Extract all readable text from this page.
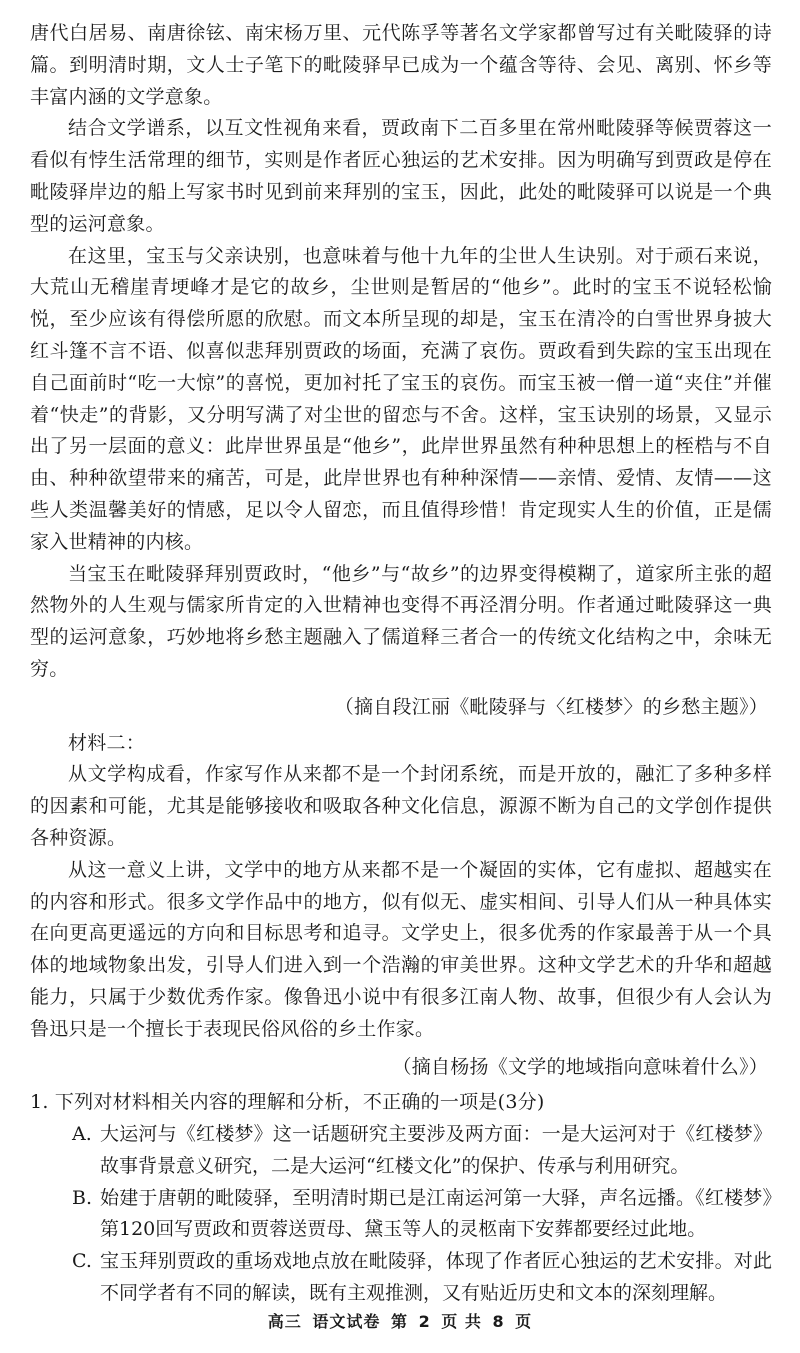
唐代白居易、南唐徐铉、南宋杨万里、元代陈孚等著名文学家都曾写过有关毗陵驿的诗篇。到明清时期，文人士子笔下的毗陵驿早已成为一个蕴含等待、会见、离别、怀乡等丰富内涵的文学意象。

结合文学谱系，以互文性视角来看，贾政南下二百多里在常州毗陵驿等候贾蓉这一看似有悖生活常理的细节，实则是作者匠心独运的艺术安排。因为明确写到贾政是停在毗陵驿岸边的船上写家书时见到前来拜别的宝玉，因此，此处的毗陵驿可以说是一个典型的运河意象。

在这里，宝玉与父亲诀别，也意味着与他十九年的尘世人生诀别。对于顽石来说，大荒山无稽崖青埂峰才是它的故乡，尘世则是暂居的“他乡”。此时的宝玉不说轻松愉悦，至少应该有得偿所愿的欣慰。而文本所呈现的却是，宝玉在清冷的白雪世界身披大红斗篷不言不语、似喜似悲拜别贾政的场面，充满了哀伤。贾政看到失踪的宝玉出现在自己面前时“吃一大惊”的喜悦，更加衬托了宝玉的哀伤。而宝玉被一僧一道“夹住”并催着“快走”的背影，又分明写满了对尘世的留恋与不舍。这样，宝玉诀别的场景，又显示出了另一层面的意义：此岸世界虽是“他乡”，此岸世界虽然有种种思想上的桎梏与不自由、种种欲望带来的痛苦，可是，此岸世界也有种种深情——亲情、爱情、友情——这些人类温馨美好的情感，足以令人留恋，而且值得珍惜！肯定现实人生的价值，正是儒家入世精神的内核。

当宝玉在毗陵驿拜别贾政时，“他乡”与“故乡”的边界变得模糊了，道家所主张的超然物外的人生观与儒家所肯定的入世精神也变得不再泾渭分明。作者通过毗陵驿这一典型的运河意象，巧妙地将乡愁主题融入了儒道释三者合一的传统文化结构之中，余味无穷。

（摘自段江丽《毗陵驿与〈红楼梦〉的乡愁主题》）

材料二：

从文学构成看，作家写作从来都不是一个封闭系统，而是开放的，融汇了多种多样的因素和可能，尤其是能够接收和吸取各种文化信息，源源不断为自己的文学创作提供各种资源。

从这一意义上讲，文学中的地方从来都不是一个凝固的实体，它有虚拟、超越实在的内容和形式。很多文学作品中的地方，似有似无、虚实相间、引导人们从一种具体实在向更高更遥远的方向和目标思考和追寻。文学史上，很多优秀的作家最善于从一个具体的地域物象出发，引导人们进入到一个浩瀚的审美世界。这种文学艺术的升华和超越能力，只属于少数优秀作家。像鲁迅小说中有很多江南人物、故事，但很少有人会认为鲁迅只是一个擅长于表现民俗风俗的乡土作家。

（摘自杨扬《文学的地域指向意味着什么》）

1. 下列对材料相关内容的理解和分析，不正确的一项是(3分)

A. 大运河与《红楼梦》这一话题研究主要涉及两方面：一是大运河对于《红楼梦》故事背景意义研究，二是大运河“红楼文化”的保护、传承与利用研究。
B. 始建于唐朝的毗陵驿，至明清时期已是江南运河第一大驿，声名远播。《红楼梦》第120回写贾政和贾蓉送贾母、黛玉等人的灵柩南下安葬都要经过此地。
C. 宝玉拜别贾政的重场戏地点放在毗陵驿，体现了作者匠心独运的艺术安排。对此不同学者有不同的解读，既有主观推测，又有贴近历史和文本的深刻理解。
高三 语文试卷 第 2 页 共 8 页
